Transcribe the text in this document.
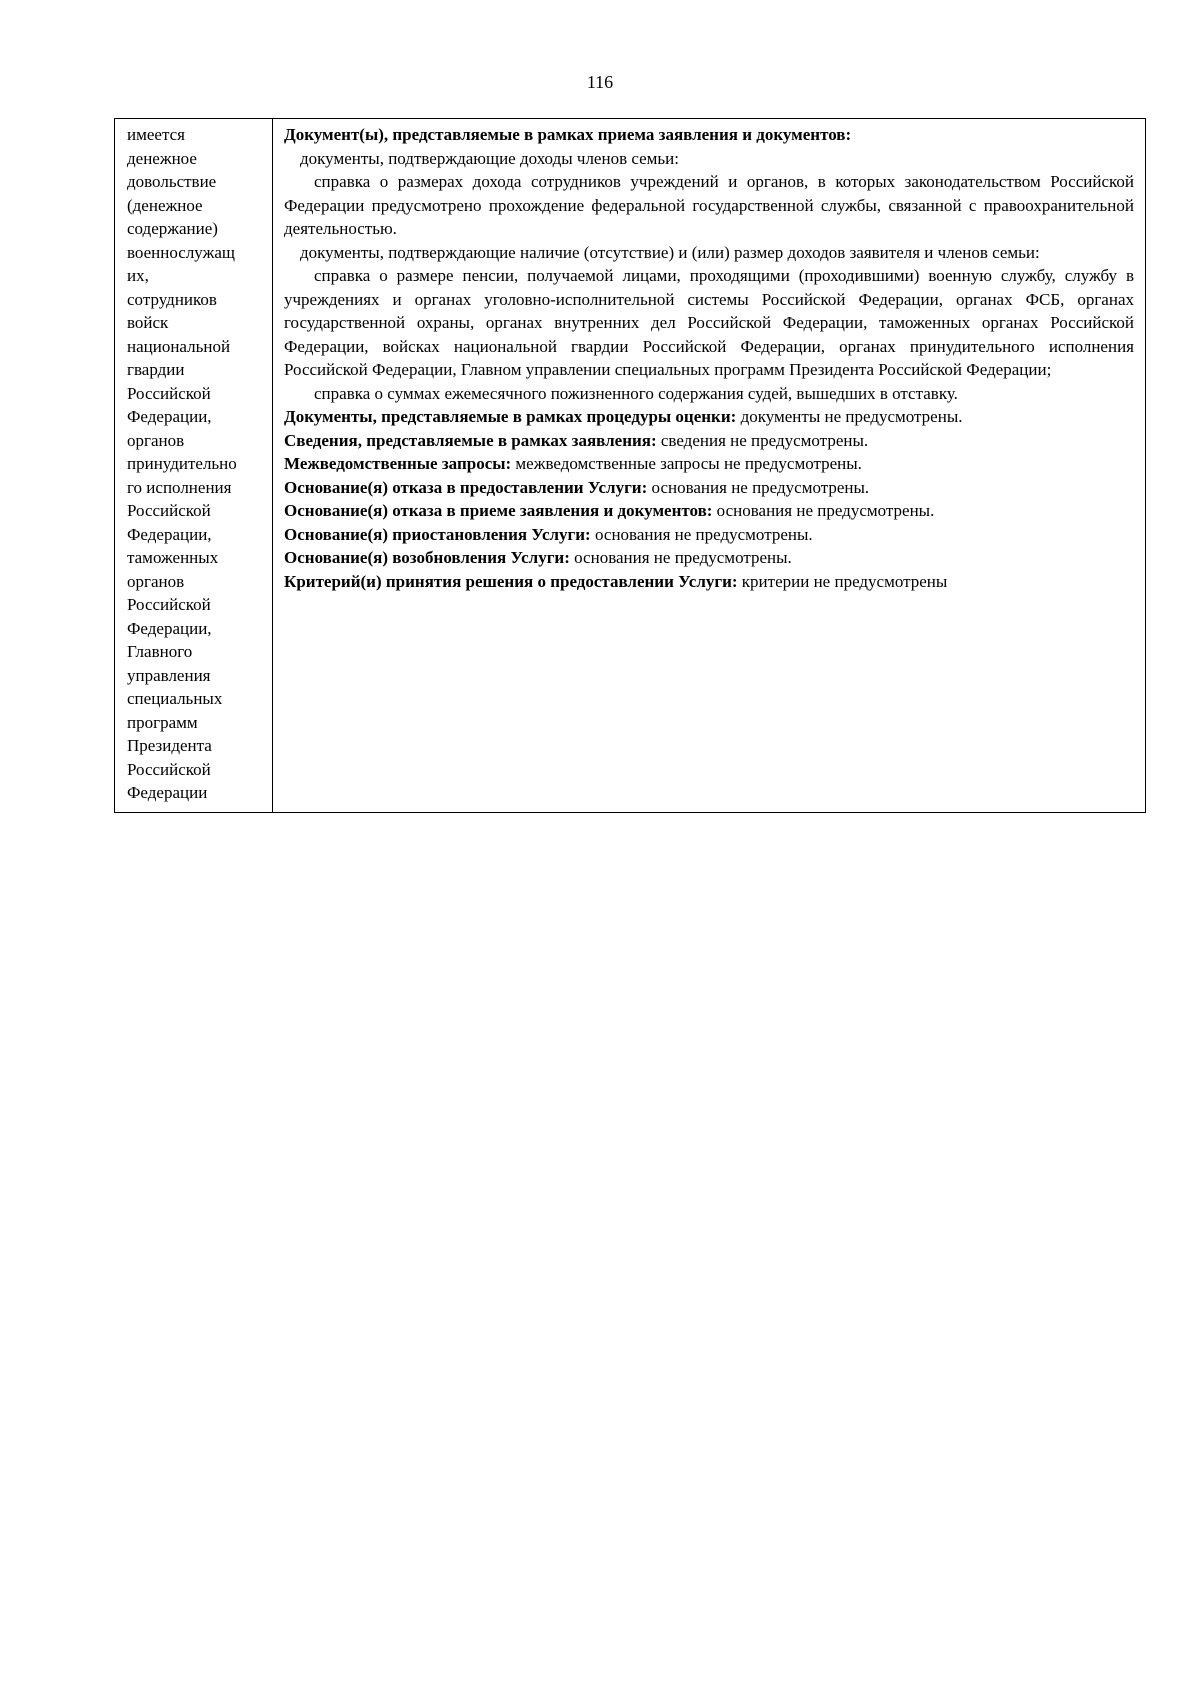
116
имеется
денежное
довольствие
(денежное
содержание)
военнослужащ
их,
сотрудников
войск
национальной
гвардии
Российской
Федерации,
органов
принудительно
го исполнения
Российской
Федерации,
таможенных
органов
Российской
Федерации,
Главного
управления
специальных
программ
Президента
Российской
Федерации

Документ(ы), представляемые в рамках приема заявления и документов:

документы, подтверждающие доходы членов семьи:

справка о размерах дохода сотрудников учреждений и органов, в которых законодательством Российской Федерации предусмотрено прохождение федеральной государственной службы, связанной с правоохранительной деятельностью.

документы, подтверждающие наличие (отсутствие) и (или) размер доходов заявителя и членов семьи:

справка о размере пенсии, получаемой лицами, проходящими (проходившими) военную службу, службу в учреждениях и органах уголовно-исполнительной системы Российской Федерации, органах ФСБ, органах государственной охраны, органах внутренних дел Российской Федерации, таможенных органах Российской Федерации, войсках национальной гвардии Российской Федерации, органах принудительного исполнения Российской Федерации, Главном управлении специальных программ Президента Российской Федерации;

справка о суммах ежемесячного пожизненного содержания судей, вышедших в отставку.

Документы, представляемые в рамках процедуры оценки: документы не предусмотрены.

Сведения, представляемые в рамках заявления: сведения не предусмотрены.

Межведомственные запросы: межведомственные запросы не предусмотрены.

Основание(я) отказа в предоставлении Услуги: основания не предусмотрены.

Основание(я) отказа в приеме заявления и документов: основания не предусмотрены.

Основание(я) приостановления Услуги: основания не предусмотрены.

Основание(я) возобновления Услуги: основания не предусмотрены.

Критерий(и) принятия решения о предоставлении Услуги: критерии не предусмотрены
